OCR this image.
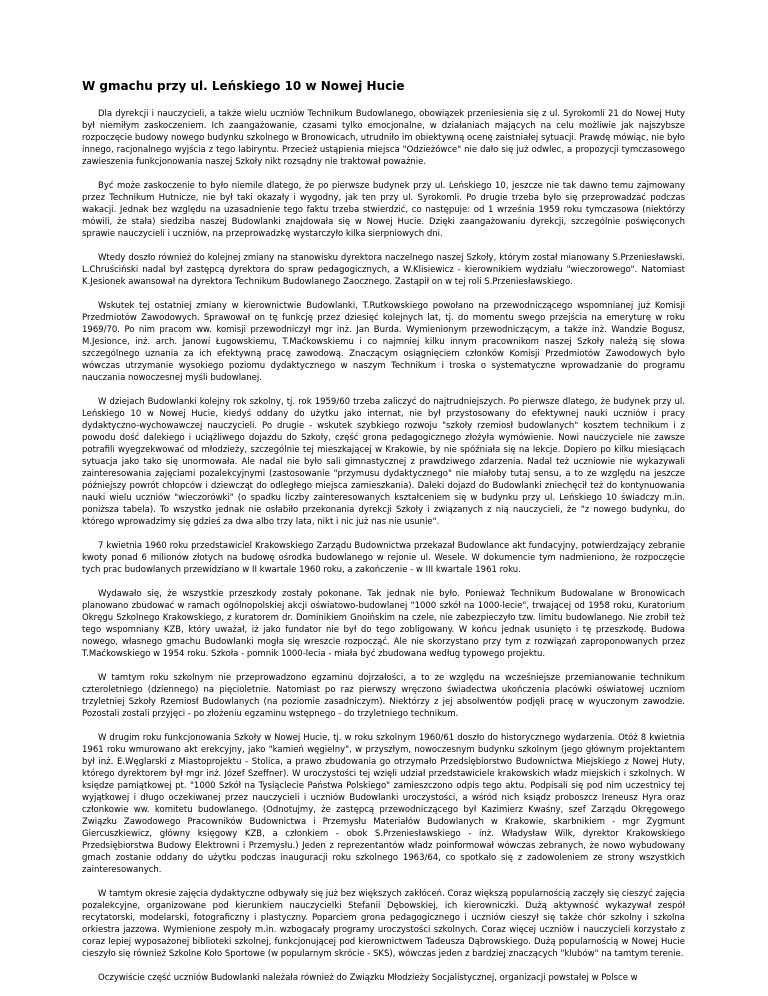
W gmachu przy ul. Leńskiego 10 w Nowej Hucie

Dla dyrekcji i nauczycieli, a także wielu uczniów Technikum Budowlanego, obowiązek przeniesienia się z ul. Syrokomli 21 do Nowej Huty był niemiłym zaskoczeniem. Ich zaangażowanie, czasami tylko emocjonalne, w działaniach mających na celu możliwie jak najszybsze rozpoczęcie budowy nowego budynku szkolnego w Bronowicach, utrudniło im obiektywną ocenę zaistniałej sytuacji. Prawdę mówiąc, nie było innego, racjonalnego wyjścia z tego labiryntu. Przecież ustąpienia miejsca "Odzieżówce" nie dało się już odwlec, a propozycji tymczasowego zawieszenia funkcjonowania naszej Szkoły nikt rozsądny nie traktował poważnie.

Być może zaskoczenie to było niemile dlatego, że po pierwsze budynek przy ul. Leńskiego 10, jeszcze nie tak dawno temu zajmowany przez Technikum Hutnicze, nie był taki okazały i wygodny, jak ten przy ul. Syrokomli. Po drugie trzeba było się przeprowadzać podczas wakacji. Jednak bez względu na uzasadnienie tego faktu trzeba stwierdzić, co następuje: od 1 września 1959 roku tymczasowa (niektórzy mówili, że stała) siedziba naszej Budowlanki znajdowała się w Nowej Hucie. Dzięki zaangażowaniu dyrekcji, szczególnie poświęconych sprawie nauczycieli i uczniów, na przeprowadzkę wystarczyło kilka sierpniowych dni.

Wtedy doszło również do kolejnej zmiany na stanowisku dyrektora naczelnego naszej Szkoły, którym został mianowany S.Przeniesławski. L.Chruściński nadal był zastępcą dyrektora do spraw pedagogicznych, a W.Klisiewicz - kierownikiem wydziału "wieczorowego". Natomiast K.Jesionek awansował na dyrektora Technikum Budowlanego Zaocznego. Zastąpił on w tej roli S.Przeniesławskiego.

Wskutek tej ostatniej zmiany w kierownictwie Budowlanki, T.Rutkowskiego powołano na przewodniczącego wspomnianej już Komisji Przedmiotów Zawodowych. Sprawował on tę funkcję przez dziesięć kolejnych lat, tj. do momentu swego przejścia na emeryturę w roku 1969/70. Po nim pracom ww. komisji przewodniczył mgr inż. Jan Burda. Wymienionym przewodniczącym, a także inż. Wandzie Bogusz, M.Jesionce, inż. arch. Janowi Ługowskiemu, T.Maćkowskiemu i co najmniej kilku innym pracownikom naszej Szkoły należą się słowa szczególnego uznania za ich efektywną pracę zawodową. Znaczącym osiągnięciem członków Komisji Przedmiotów Zawodowych było wówczas utrzymanie wysokiego poziomu dydaktycznego w naszym Technikum i troska o systematyczne wprowadzanie do programu nauczania nowoczesnej myśli budowlanej.

W dziejach Budowlanki kolejny rok szkolny, tj. rok 1959/60 trzeba zaliczyć do najtrudniejszych. Po pierwsze dlatego, że budynek przy ul. Leńskiego 10 w Nowej Hucie, kiedyś oddany do użytku jako internat, nie był przystosowany do efektywnej nauki uczniów i pracy dydaktyczno-wychowawczej nauczycieli. Po drugie - wskutek szybkiego rozwoju "szkoły rzemiosł budowlanych" kosztem technikum i z powodu dość dalekiego i uciążliwego dojazdu do Szkoły, część grona pedagogicznego złożyła wymówienie. Nowi nauczyciele nie zawsze potrafili wyegzekwować od młodzieży, szczególnie tej mieszkającej w Krakowie, by nie spóźniała się na lekcje. Dopiero po kilku miesiącach sytuacja jako tako się unormowała. Ale nadal nie było sali gimnastycznej z prawdziwego zdarzenia. Nadal też uczniowie nie wykazywali zainteresowania zajęciami pozalekcyjnymi (zastosowanie "przymusu dydaktycznego" nie miałoby tutaj sensu, a to ze względu na jeszcze późniejszy powrót chłopców i dziewcząt do odległego miejsca zamieszkania). Daleki dojazd do Budowlanki zniechęcił też do kontynuowania nauki wielu uczniów "wieczorówki" (o spadku liczby zainteresowanych kształceniem się w budynku przy ul. Leńskiego 10 świadczy m.in. poniższa tabela). To wszystko jednak nie osłabiło przekonania dyrekcji Szkoły i związanych z nią nauczycieli, że "z nowego budynku, do którego wprowadzimy się gdzieś za dwa albo trzy lata, nikt i nic już nas nie usunie".

7 kwietnia 1960 roku przedstawiciel Krakowskiego Zarządu Budownictwa przekazał Budowlance akt fundacyjny, potwierdzający zebranie kwoty ponad 6 milionów złotych na budowę ośrodka budowlanego w rejonie ul. Wesele. W dokumencie tym nadmieniono, że rozpoczęcie tych prac budowlanych przewidziano w II kwartale 1960 roku, a zakończenie - w III kwartale 1961 roku.

Wydawało się, że wszystkie przeszkody zostały pokonane. Tak jednak nie było. Ponieważ Technikum Budowalane w Bronowicach planowano zbudować w ramach ogólnopolskiej akcji oświatowo-budowlanej "1000 szkół na 1000-lecie", trwającej od 1958 roku, Kuratorium Okręgu Szkolnego Krakowskiego, z kuratorem dr. Dominikiem Gnoińskim na czele, nie zabezpieczyło tzw. limitu budowlanego. Nie zrobił też tego wspomniany KZB, który uważał, iż jako fundator nie był do tego zobligowany. W końcu jednak usunięto i tę przeszkodę. Budowa nowego, własnego gmachu Budowlanki mogła się wreszcie rozpocząć. Ale nie skorzystano przy tym z rozwiązań zaproponowanych przez T.Maćkowskiego w 1954 roku. Szkoła - pomnik 1000-lecia - miała być zbudowana według typowego projektu.

W tamtym roku szkolnym nie przeprowadzono egzaminu dojrzałości, a to ze względu na wcześniejsze przemianowanie technikum czteroletniego (dziennego) na pięcioletnie. Natomiast po raz pierwszy wręczono świadectwa ukończenia placówki oświatowej uczniom trzyletniej Szkoły Rzemiosł Budowlanych (na poziomie zasadniczym). Niektórzy z jej absolwentów podjęli pracę w wyuczonym zawodzie. Pozostali zostali przyjęci - po złożeniu egzaminu wstępnego - do trzyletniego technikum.

W drugim roku funkcjonowania Szkoły w Nowej Hucie, tj. w roku szkolnym 1960/61 doszło do historycznego wydarzenia. Otóż 8 kwietnia 1961 roku wmurowano akt erekcyjny, jako "kamień węgielny", w przyszłym, nowoczesnym budynku szkolnym (jego głównym projektantem był inż. E.Węglarski z Miastoprojektu - Stolica, a prawo zbudowania go otrzymało Przedsiębiorstwo Budownictwa Miejskiego z Nowej Huty, którego dyrektorem był mgr inż. Józef Szeffner). W uroczystości tej wzięli udział przedstawiciele krakowskich władz miejskich i szkolnych. W księdze pamiątkowej pt. "1000 Szkół na Tysiąclecie Państwa Polskiego" zamieszczono odpis tego aktu. Podpisali się pod nim uczestnicy tej wyjątkowej i długo oczekiwanej przez nauczycieli i uczniów Budowlanki uroczystości, a wśród nich ksiądz proboszcz Ireneusz Hyra oraz członkowie ww. komitetu budowlanego. (Odnotujmy, że zastępcą przewodniczącego był Kazimierz Kwaśny, szef Zarządu Okręgowego Związku Zawodowego Pracowników Budownictwa i Przemysłu Materiałów Budowlanych w Krakowie, skarbnikiem - mgr Zygmunt Giercuszkiewicz, główny księgowy KZB, a członkiem - obok S.Przeniesławskiego - inż. Władysław Wilk, dyrektor Krakowskiego Przedsiębiorstwa Budowy Elektrowni i Przemysłu.) Jeden z reprezentantów władz poinformował wówczas zebranych, że nowo wybudowany gmach zostanie oddany do użytku podczas inauguracji roku szkolnego 1963/64, co spotkało się z zadowoleniem ze strony wszystkich zainteresowanych.

W tamtym okresie zajęcia dydaktyczne odbywały się już bez większych zakłóceń. Coraz większą popularnością zaczęły się cieszyć zajęcia pozalekcyjne, organizowane pod kierunkiem nauczycielki Stefanii Dębowskiej, ich kierowniczki. Dużą aktywność wykazywał zespół recytatorski, modelarski, fotograficzny i plastyczny. Poparciem grona pedagogicznego i uczniów cieszył się także chór szkolny i szkolna orkiestra jazzowa. Wymienione zespoły m.in. wzbogacały programy uroczystości szkolnych. Coraz więcej uczniów i nauczycieli korzystało z coraz lepiej wyposażonej biblioteki szkolnej, funkcjonującej pod kierownictwem Tadeusza Dąbrowskiego. Dużą popularnością w Nowej Hucie cieszyło się również Szkolne Koło Sportowe (w popularnym skrócie - SKS), wówczas jeden z bardziej znaczących "klubów" na tamtym terenie.

Oczywiście część uczniów Budowlanki należała również do Związku Młodzieży Socjalistycznej, organizacji powstałej w Polsce w
